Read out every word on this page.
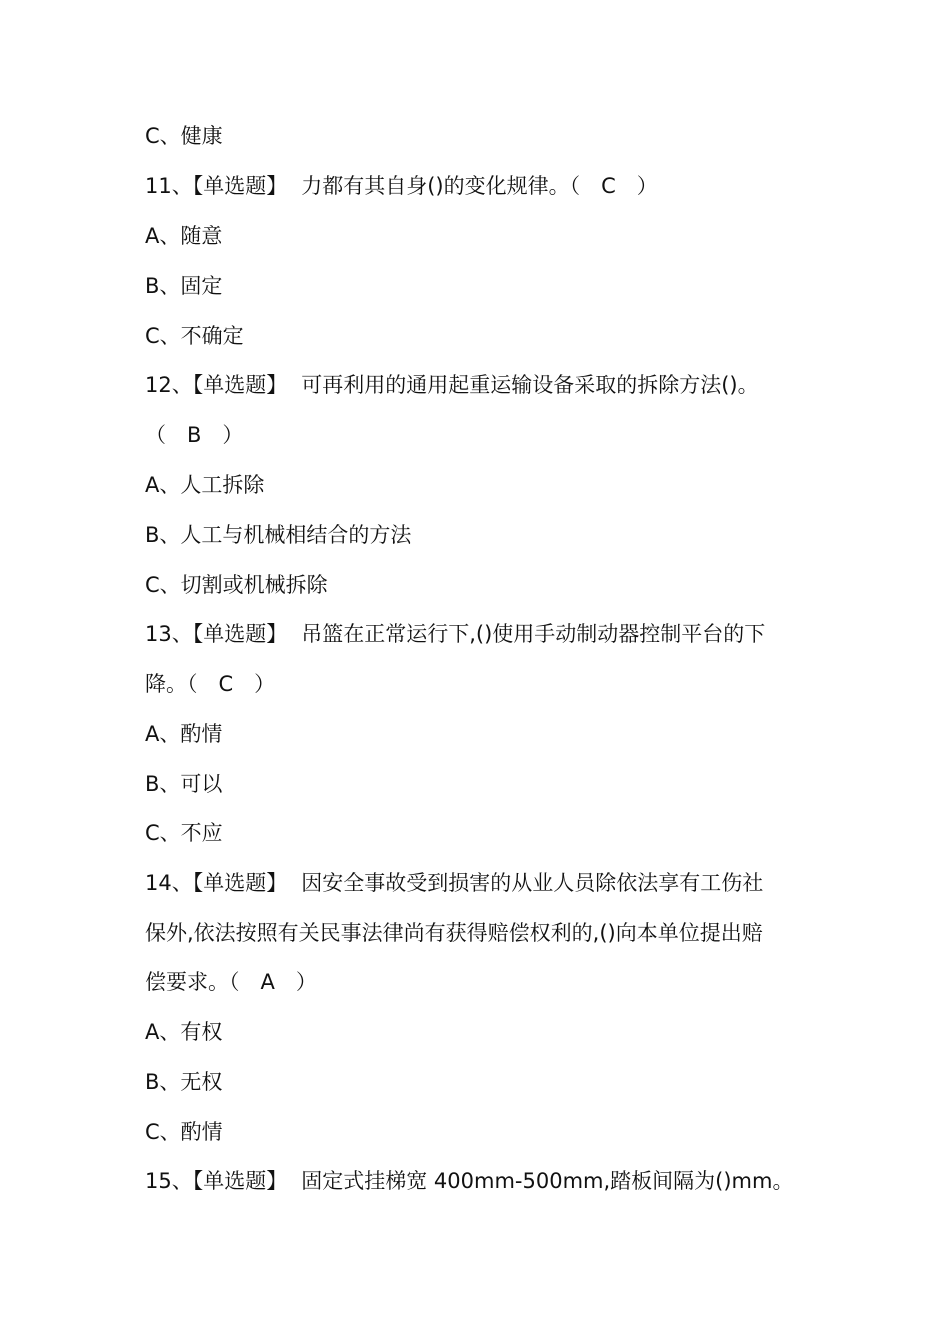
C、健康
11、【单选题】 力都有其自身()的变化规律。（　C　）
A、随意
B、固定
C、不确定
12、【单选题】 可再利用的通用起重运输设备采取的拆除方法()。
（　B　）
A、人工拆除
B、人工与机械相结合的方法
C、切割或机械拆除
13、【单选题】 吊篮在正常运行下,()使用手动制动器控制平台的下
降。（　C　）
A、酌情
B、可以
C、不应
14、【单选题】 因安全事故受到损害的从业人员除依法享有工伤社
保外,依法按照有关民事法律尚有获得赔偿权利的,()向本单位提出赔
偿要求。（　A　）
A、有权
B、无权
C、酌情
15、【单选题】 固定式挂梯宽 400mm-500mm,踏板间隔为()mm。
